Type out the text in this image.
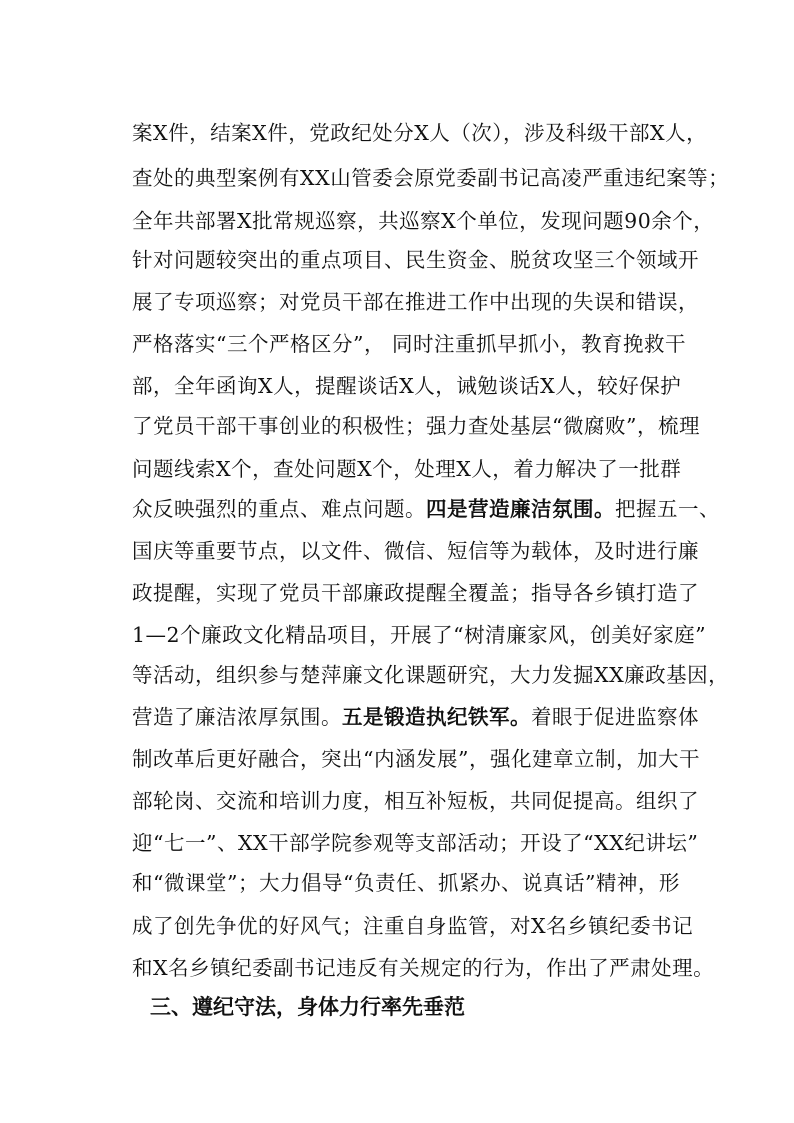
案X件，结案X件，党政纪处分X人（次），涉及科级干部X人，
查处的典型案例有XX山管委会原党委副书记高凌严重违纪案等；
全年共部署X批常规巡察，共巡察X个单位，发现问题90余个，
针对问题较突出的重点项目、民生资金、脱贫攻坚三个领域开
展了专项巡察；对党员干部在推进工作中出现的失误和错误，
严格落实“三个严格区分”， 同时注重抓早抓小，教育挽救干
部，全年函询X人，提醒谈话X人，诫勉谈话X人，较好保护
了党员干部干事创业的积极性；强力查处基层“微腐败”，梳理
问题线索X个，查处问题X个，处理X人，着力解决了一批群
众反映强烈的重点、难点问题。四是营造廉洁氛围。把握五一、
国庆等重要节点，以文件、微信、短信等为载体，及时进行廉
政提醒，实现了党员干部廉政提醒全覆盖；指导各乡镇打造了
1—2个廉政文化精品项目，开展了“树清廉家风，创美好家庭”
等活动，组织参与楚萍廉文化课题研究，大力发掘XX廉政基因，
营造了廉洁浓厚氛围。五是锻造执纪铁军。着眼于促进监察体
制改革后更好融合，突出“内涵发展”，强化建章立制，加大干
部轮岗、交流和培训力度，相互补短板，共同促提高。组织了
迎“七一”、XX干部学院参观等支部活动；开设了“XX纪讲坛”
和“微课堂”；大力倡导“负责任、抓紧办、说真话”精神，形
成了创先争优的好风气；注重自身监管，对X名乡镇纪委书记
和X名乡镇纪委副书记违反有关规定的行为，作出了严肃处理。
三、遵纪守法，身体力行率先垂范
